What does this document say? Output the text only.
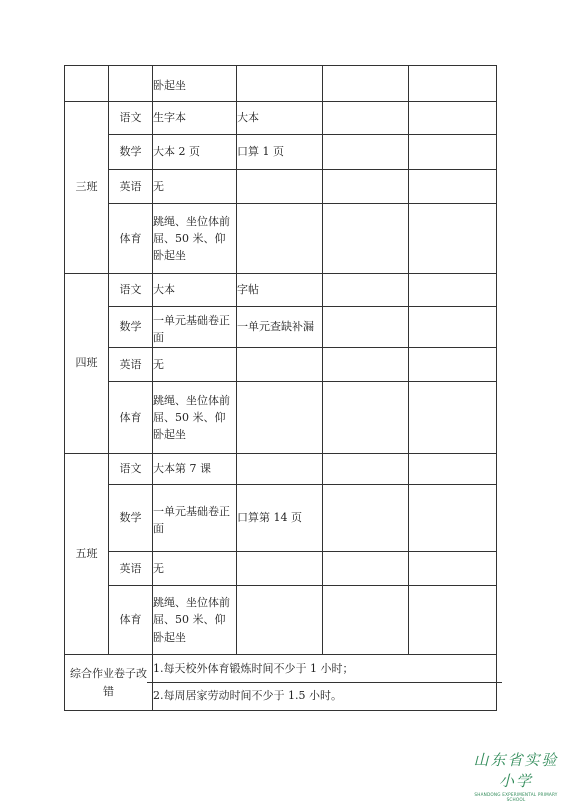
		卧起坐			

三班	语文	生字本	大本		

	数学	大本 2 页	口算 1 页		

	英语	无			

	体育	跳绳、坐位体前屈、50 米、仰卧起坐	

四班	语文	大本	字帖		

	数学	一单元基础卷正面	一单元查缺补漏		

	英语	无			

	体育	跳绳、坐位体前屈、50 米、仰卧起坐	

五班	语文	大本第 7 课			

	数学	一单元基础卷正面	口算第 14 页		

	英语	无			

	体育	跳绳、坐位体前屈、50 米、仰卧起坐	

综合作业卷子改错		1.每天校外体育锻炼时间不少于 1 小时；
2.每周居家劳动时间不少于 1.5 小时。			
山东省实验小学
SHANDONG EXPERIMENTAL PRIMARY SCHOOL
